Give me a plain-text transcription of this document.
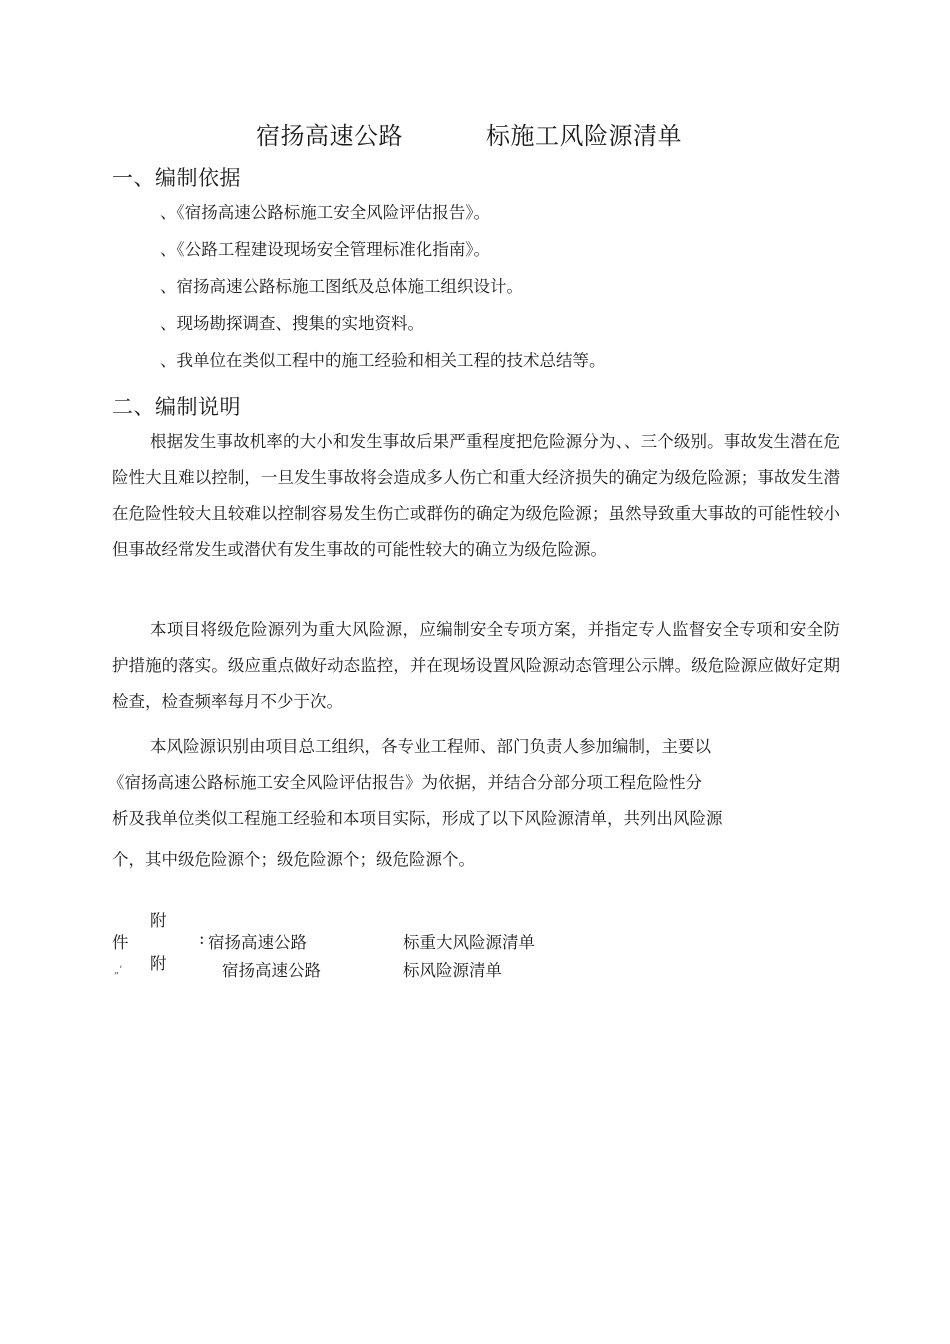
宿扬高速公路	标施工风险源清单
一、编制依据
、《宿扬高速公路标施工安全风险评估报告》。
、《公路工程建设现场安全管理标准化指南》。
、宿扬高速公路标施工图纸及总体施工组织设计。
、现场勘探调查、搜集的实地资料。
、我单位在类似工程中的施工经验和相关工程的技术总结等。
二、编制说明

根据发生事故机率的大小和发生事故后果严重程度把危险源分为、、三个级别。事故发生潜在危险性大且难以控制，一旦发生事故将会造成多人伤亡和重大经济损失的确定为级危险源；事故发生潜在危险性较大且较难以控制容易发生伤亡或群伤的确定为级危险源；虽然导致重大事故的可能性较小但事故经常发生或潜伏有发生事故的可能性较大的确立为级危险源。

本项目将级危险源列为重大风险源，应编制安全专项方案，并指定专人监督安全专项和安全防护措施的落实。级应重点做好动态监控，并在现场设置风险源动态管理公示牌。级危险源应做好定期检查，检查频率每月不少于次。

本风险源识别由项目总工组织，各专业工程师、部门负责人参加编制，主要以
《宿扬高速公路标施工安全风险评估报告》为依据，并结合分部分项工程危险性分
析及我单位类似工程施工经验和本项目实际，形成了以下风险源清单，共列出风险源
个，其中级危险源个；级危险源个；级危险源个。
附
件	: 宿扬高速公路	标重大风险源清单
附
„’	宿扬高速公路	标风险源清单
